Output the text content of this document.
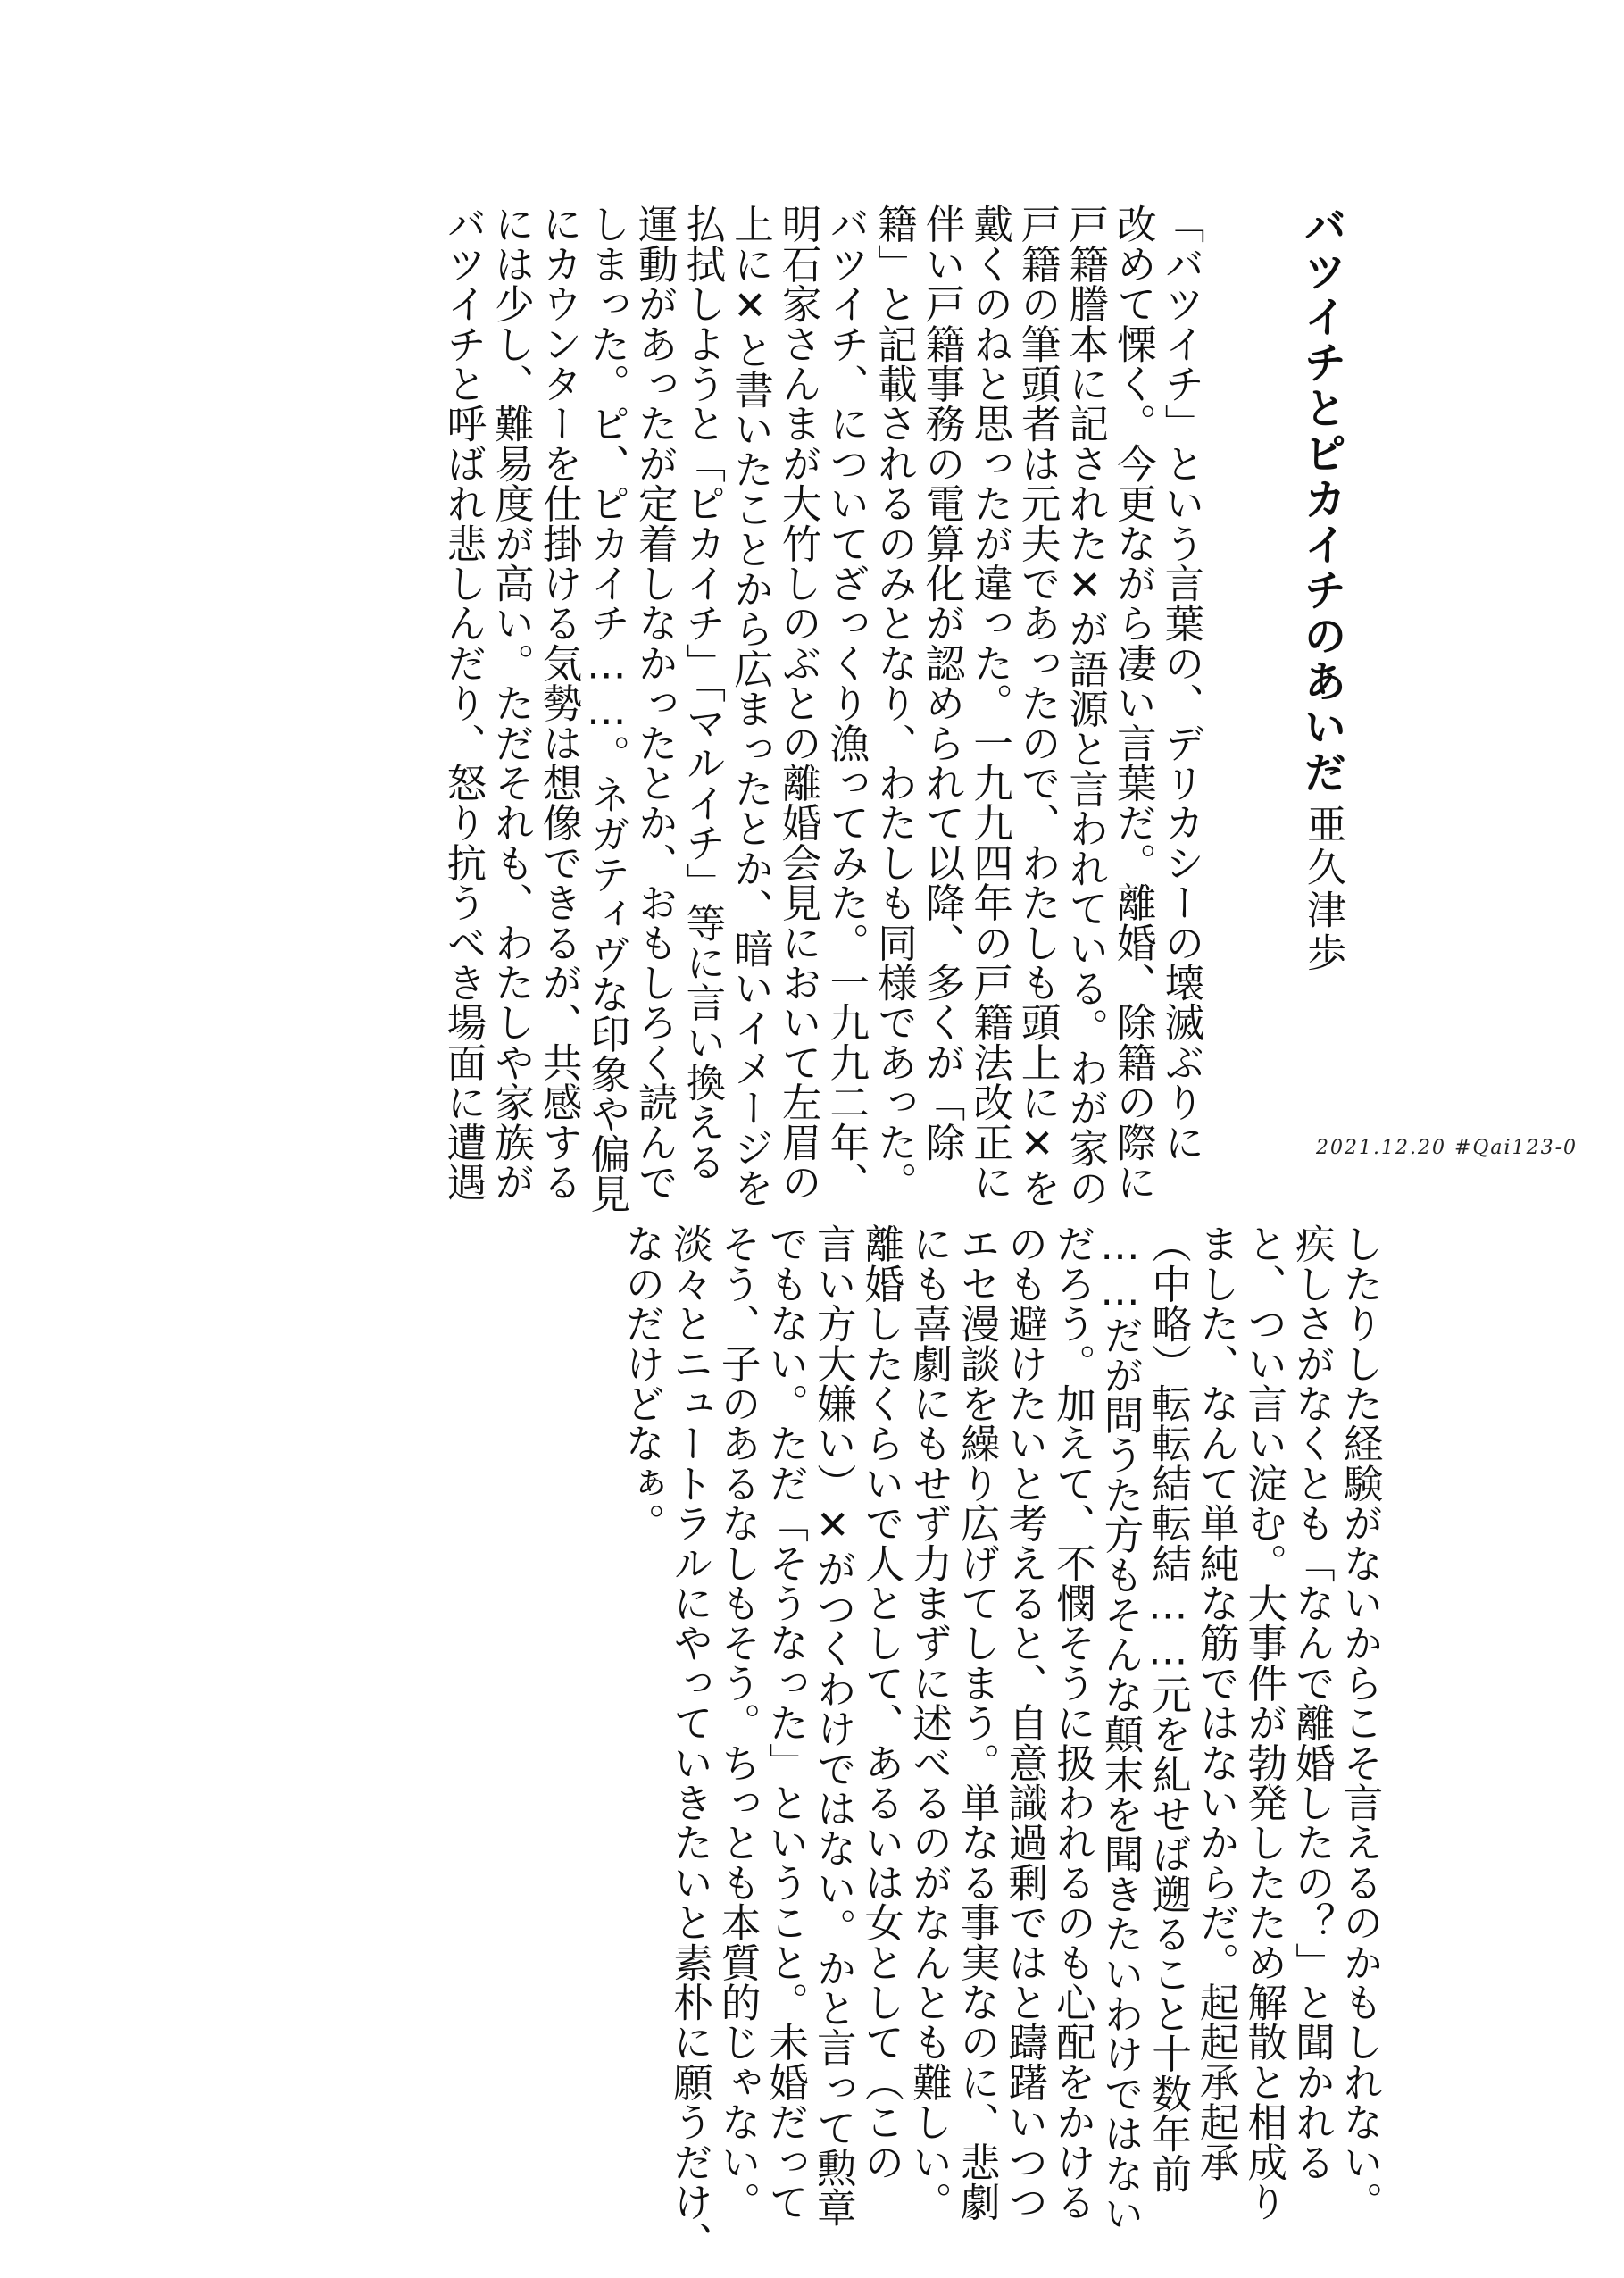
バツイチとピカイチのあいだ
亜久津歩
「バツイチ」という言葉の、デリカシーの壊滅ぶりに
改めて慄く。今更ながら凄い言葉だ。離婚、除籍の際に
戸籍謄本に記された✕が語源と言われている。わが家の
戸籍の筆頭者は元夫であったので、わたしも頭上に✕を
戴くのねと思ったが違った。一九九四年の戸籍法改正に
伴い戸籍事務の電算化が認められて以降、多くが「除
籍」と記載されるのみとなり、わたしも同様であった。
バツイチ、についてざっくり漁ってみた。一九九二年、
明石家さんまが大竹しのぶとの離婚会見において左眉の
上に✕と書いたことから広まったとか、暗いイメージを
払拭しようと「ピカイチ」「マルイチ」等に言い換える
運動があったが定着しなかったとか、おもしろく読んで
しまった。ピ、ピカイチ……。ネガティヴな印象や偏見
にカウンターを仕掛ける気勢は想像できるが、共感する
には少し、難易度が高い。ただそれも、わたしや家族が
バツイチと呼ばれ悲しんだり、怒り抗うべき場面に遭遇	2021.12.20 #Qai123-0
したりした経験がないからこそ言えるのかもしれない。
疾しさがなくとも「なんで離婚したの？」と聞かれる
と、つい言い淀む。大事件が勃発したため解散と相成り
ました、なんて単純な筋ではないからだ。起起承起承
（中略）転転結転結……元を糺せば遡ること十数年前
……だが問うた方もそんな顛末を聞きたいわけではない
だろう。加えて、不憫そうに扱われるのも心配をかける
のも避けたいと考えると、自意識過剰ではと躊躇いつつ
エセ漫談を繰り広げてしまう。単なる事実なのに、悲劇
にも喜劇にもせず力まずに述べるのがなんとも難しい。
離婚したくらいで人として、あるいは女として（この
言い方大嫌い）✕がつくわけではない。かと言って勲章
でもない。ただ「そうなった」ということ。未婚だって
そう、子のあるなしもそう。ちっとも本質的じゃない。
淡々とニュートラルにやっていきたいと素朴に願うだけ、
なのだけどなぁ。
